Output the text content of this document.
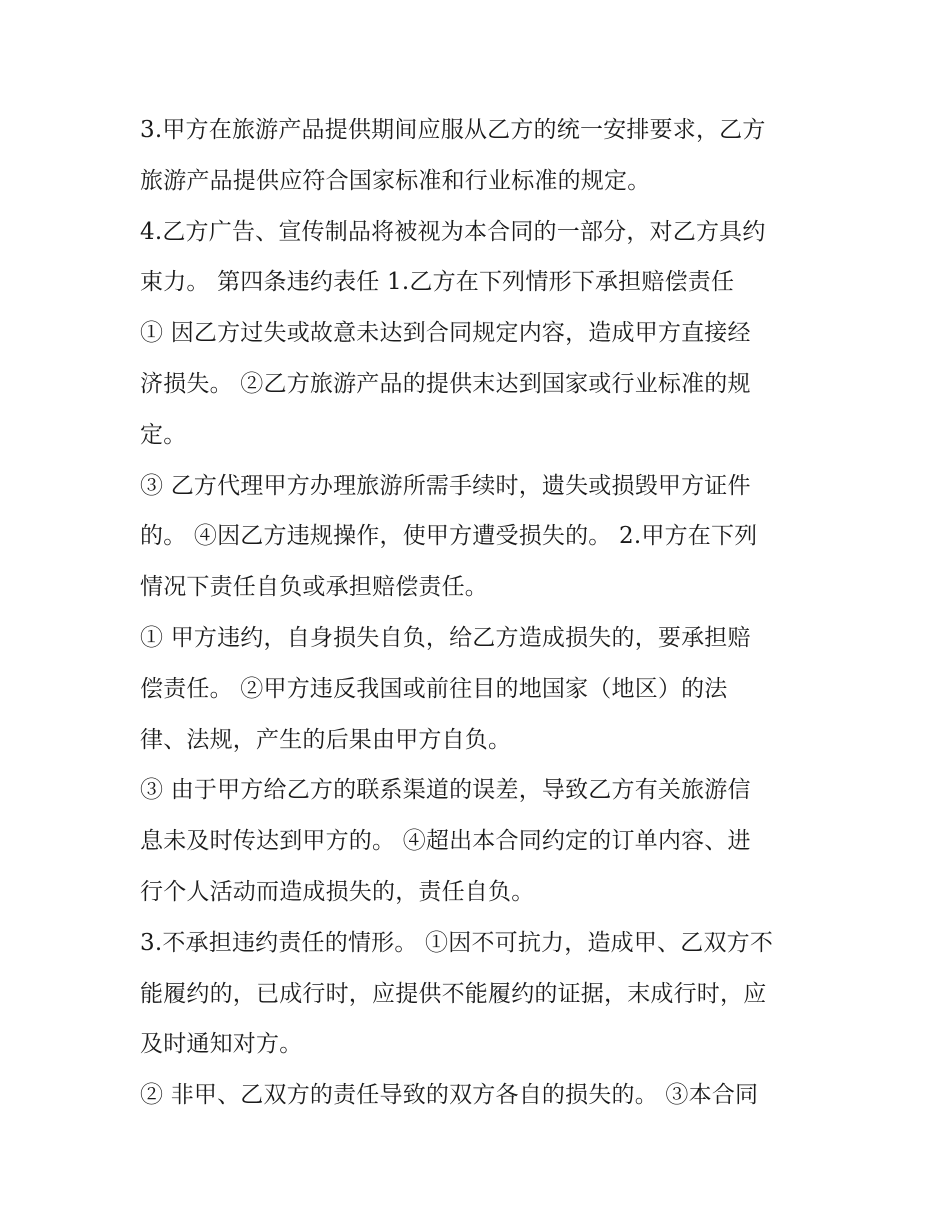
3.甲方在旅游产品提供期间应服从乙方的统一安排要求，乙方
旅游产品提供应符合国家标准和行业标准的规定。
4.乙方广告、宣传制品将被视为本合同的一部分，对乙方具约
束力。 第四条违约表任 1.乙方在下列情形下承担赔偿责任
① 因乙方过失或故意未达到合同规定内容，造成甲方直接经
济损失。 ②乙方旅游产品的提供末达到国家或行业标准的规
定。
③ 乙方代理甲方办理旅游所需手续时，遗失或损毁甲方证件
的。 ④因乙方违规操作，使甲方遭受损失的。 2.甲方在下列
情况下责任自负或承担赔偿责任。
① 甲方违约，自身损失自负，给乙方造成损失的，要承担赔
偿责任。 ②甲方违反我国或前往目的地国家（地区）的法
律、法规，产生的后果由甲方自负。
③ 由于甲方给乙方的联系渠道的误差，导致乙方有关旅游信
息未及时传达到甲方的。 ④超出本合同约定的订单内容、进
行个人活动而造成损失的，责任自负。
3.不承担违约责任的情形。 ①因不可抗力，造成甲、乙双方不
能履约的，已成行时，应提供不能履约的证据，末成行时，应
及时通知对方。
② 非甲、乙双方的责任导致的双方各自的损失的。 ③本合同
